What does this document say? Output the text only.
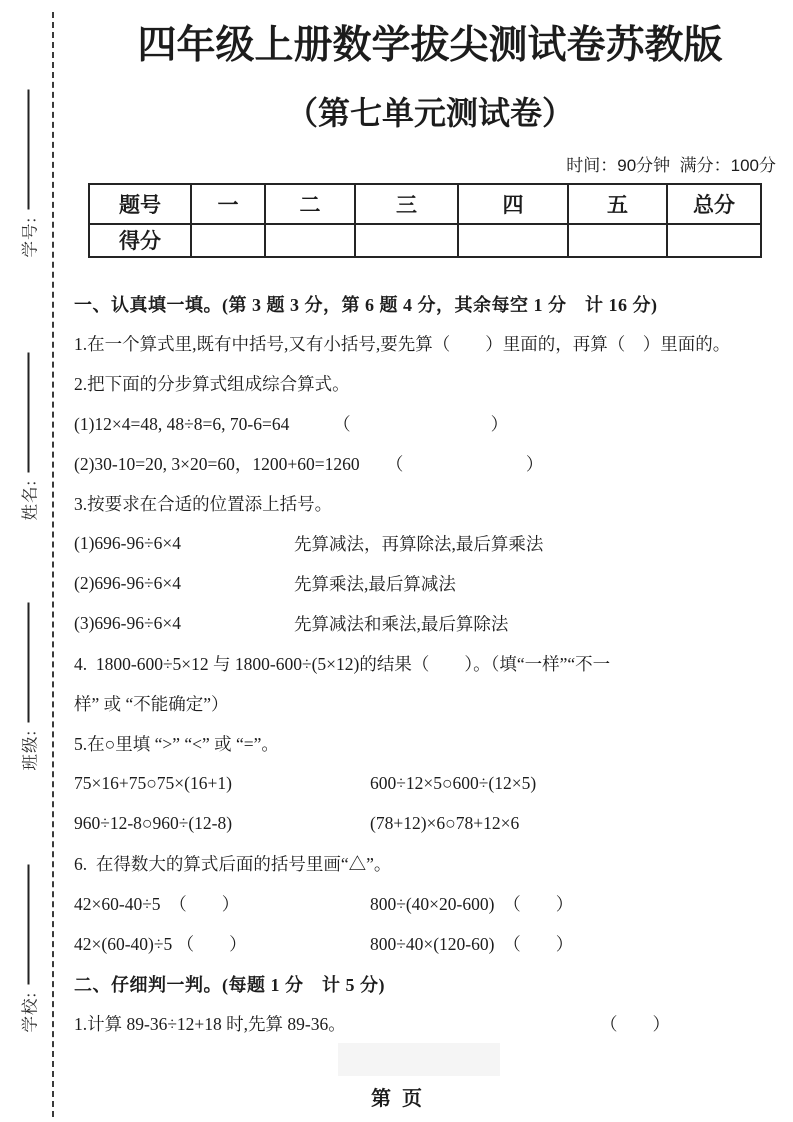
学号:
姓名:
班级:
学校:
四年级上册数学拔尖测试卷苏教版
（第七单元测试卷）
时间：90分钟  满分：100分
题号	一	二	三	四	五	总分
得分						
一、认真填一填。(第 3 题 3 分，第 6 题 4 分，其余每空 1 分　计 16 分)
1.在一个算式里,既有中括号,又有小括号,要先算（　　）里面的，再算（　）里面的。
2.把下面的分步算式组成综合算式。
(1)12×4=48, 48÷8=6, 70-6=64　　　（　　　　　　　　）
(2)30-10=20, 3×20=60，1200+60=1260　　（　　　　　　　）
3.按要求在合适的位置添上括号。
(1)696-96÷6×4	先算减法，再算除法,最后算乘法
(2)696-96÷6×4	先算乘法,最后算减法
(3)696-96÷6×4	先算减法和乘法,最后算除法
4.  1800-600÷5×12 与 1800-600÷(5×12)的结果（　　）。（填“一样”“不一
样” 或 “不能确定”）
5.在○里填 “>” “<” 或 “=”。
75×16+75○75×(16+1)	600÷12×5○600÷(12×5)
960÷12-8○960÷(12-8)	(78+12)×6○78+12×6
6.  在得数大的算式后面的括号里画“△”。
42×60-40÷5　（　　）	800÷(40×20-600)　（　　）
42×(60-40)÷5 （　　）	800÷40×(120-60)　（　　）
二、仔细判一判。(每题 1 分　计 5 分)
1.计算 89-36÷12+18 时,先算 89-36。	（　　）
第  页
